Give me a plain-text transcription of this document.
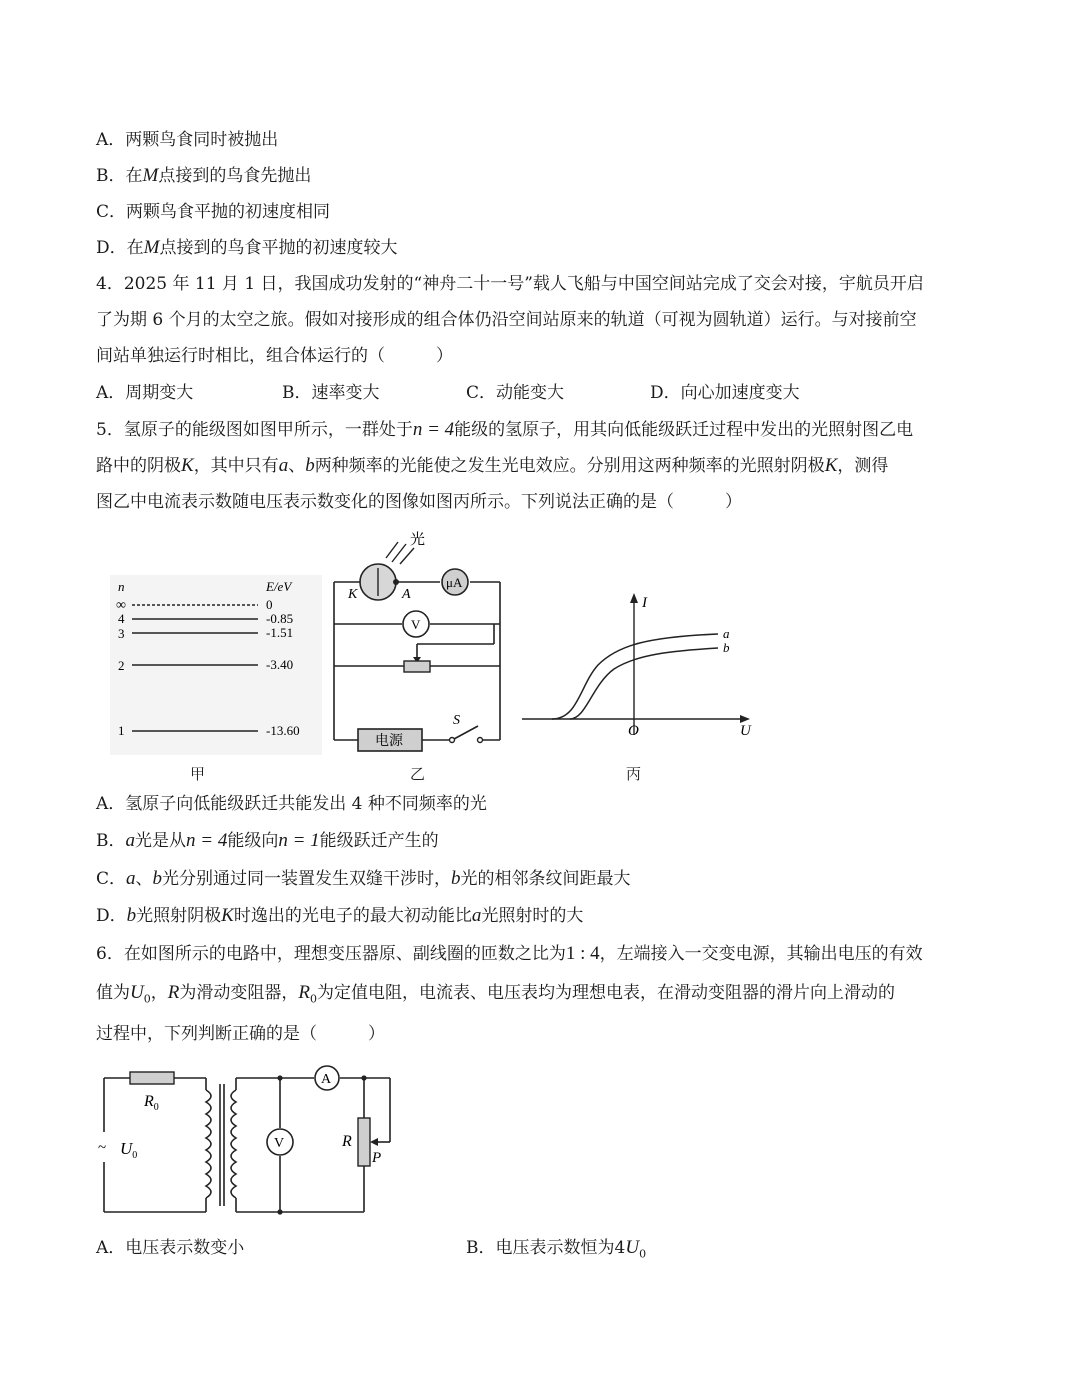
A．两颗鸟食同时被抛出
B．在M点接到的鸟食先抛出
C．两颗鸟食平抛的初速度相同
D．在M点接到的鸟食平抛的初速度较大
4．2025 年 11 月 1 日，我国成功发射的“神舟二十一号”载人飞船与中国空间站完成了交会对接，宇航员开启
了为期 6 个月的太空之旅。假如对接形成的组合体仍沿空间站原来的轨道（可视为圆轨道）运行。与对接前空
间站单独运行时相比，组合体运行的（　　　）
A．周期变大	B．速率变大	C．动能变大	D．向心加速度变大
5．氢原子的能级图如图甲所示，一群处于n = 4能级的氢原子，用其向低能级跃迁过程中发出的光照射图乙电
路中的阴极K，其中只有a、b两种频率的光能使之发生光电效应。分别用这两种频率的光照射阴极K，测得
图乙中电流表示数随电压表示数变化的图像如图丙所示。下列说法正确的是（　　　）
n	E/eV
∞	0
4	-0.85
3	-1.51
2	-3.40
1	-13.60
甲
光
K	A
μA
V
电源
S
乙
I
U
O
a
b
丙
A．氢原子向低能级跃迁共能发出 4 种不同频率的光
B．a光是从n = 4能级向n = 1能级跃迁产生的
C．a、b光分别通过同一装置发生双缝干涉时，b光的相邻条纹间距最大
D．b光照射阴极K时逸出的光电子的最大初动能比a光照射时的大
6．在如图所示的电路中，理想变压器原、副线圈的匝数之比为1 : 4，左端接入一交变电源，其输出电压的有效
值为$U_0$，R为滑动变阻器，$R_0$为定值电阻，电流表、电压表均为理想电表，在滑动变阻器的滑片向上滑动的
过程中，下列判断正确的是（　　　）
$R_0$
~ $U_0$
A
V	R
P
A．电压表示数变小	B．电压表示数恒为$4U_0$
